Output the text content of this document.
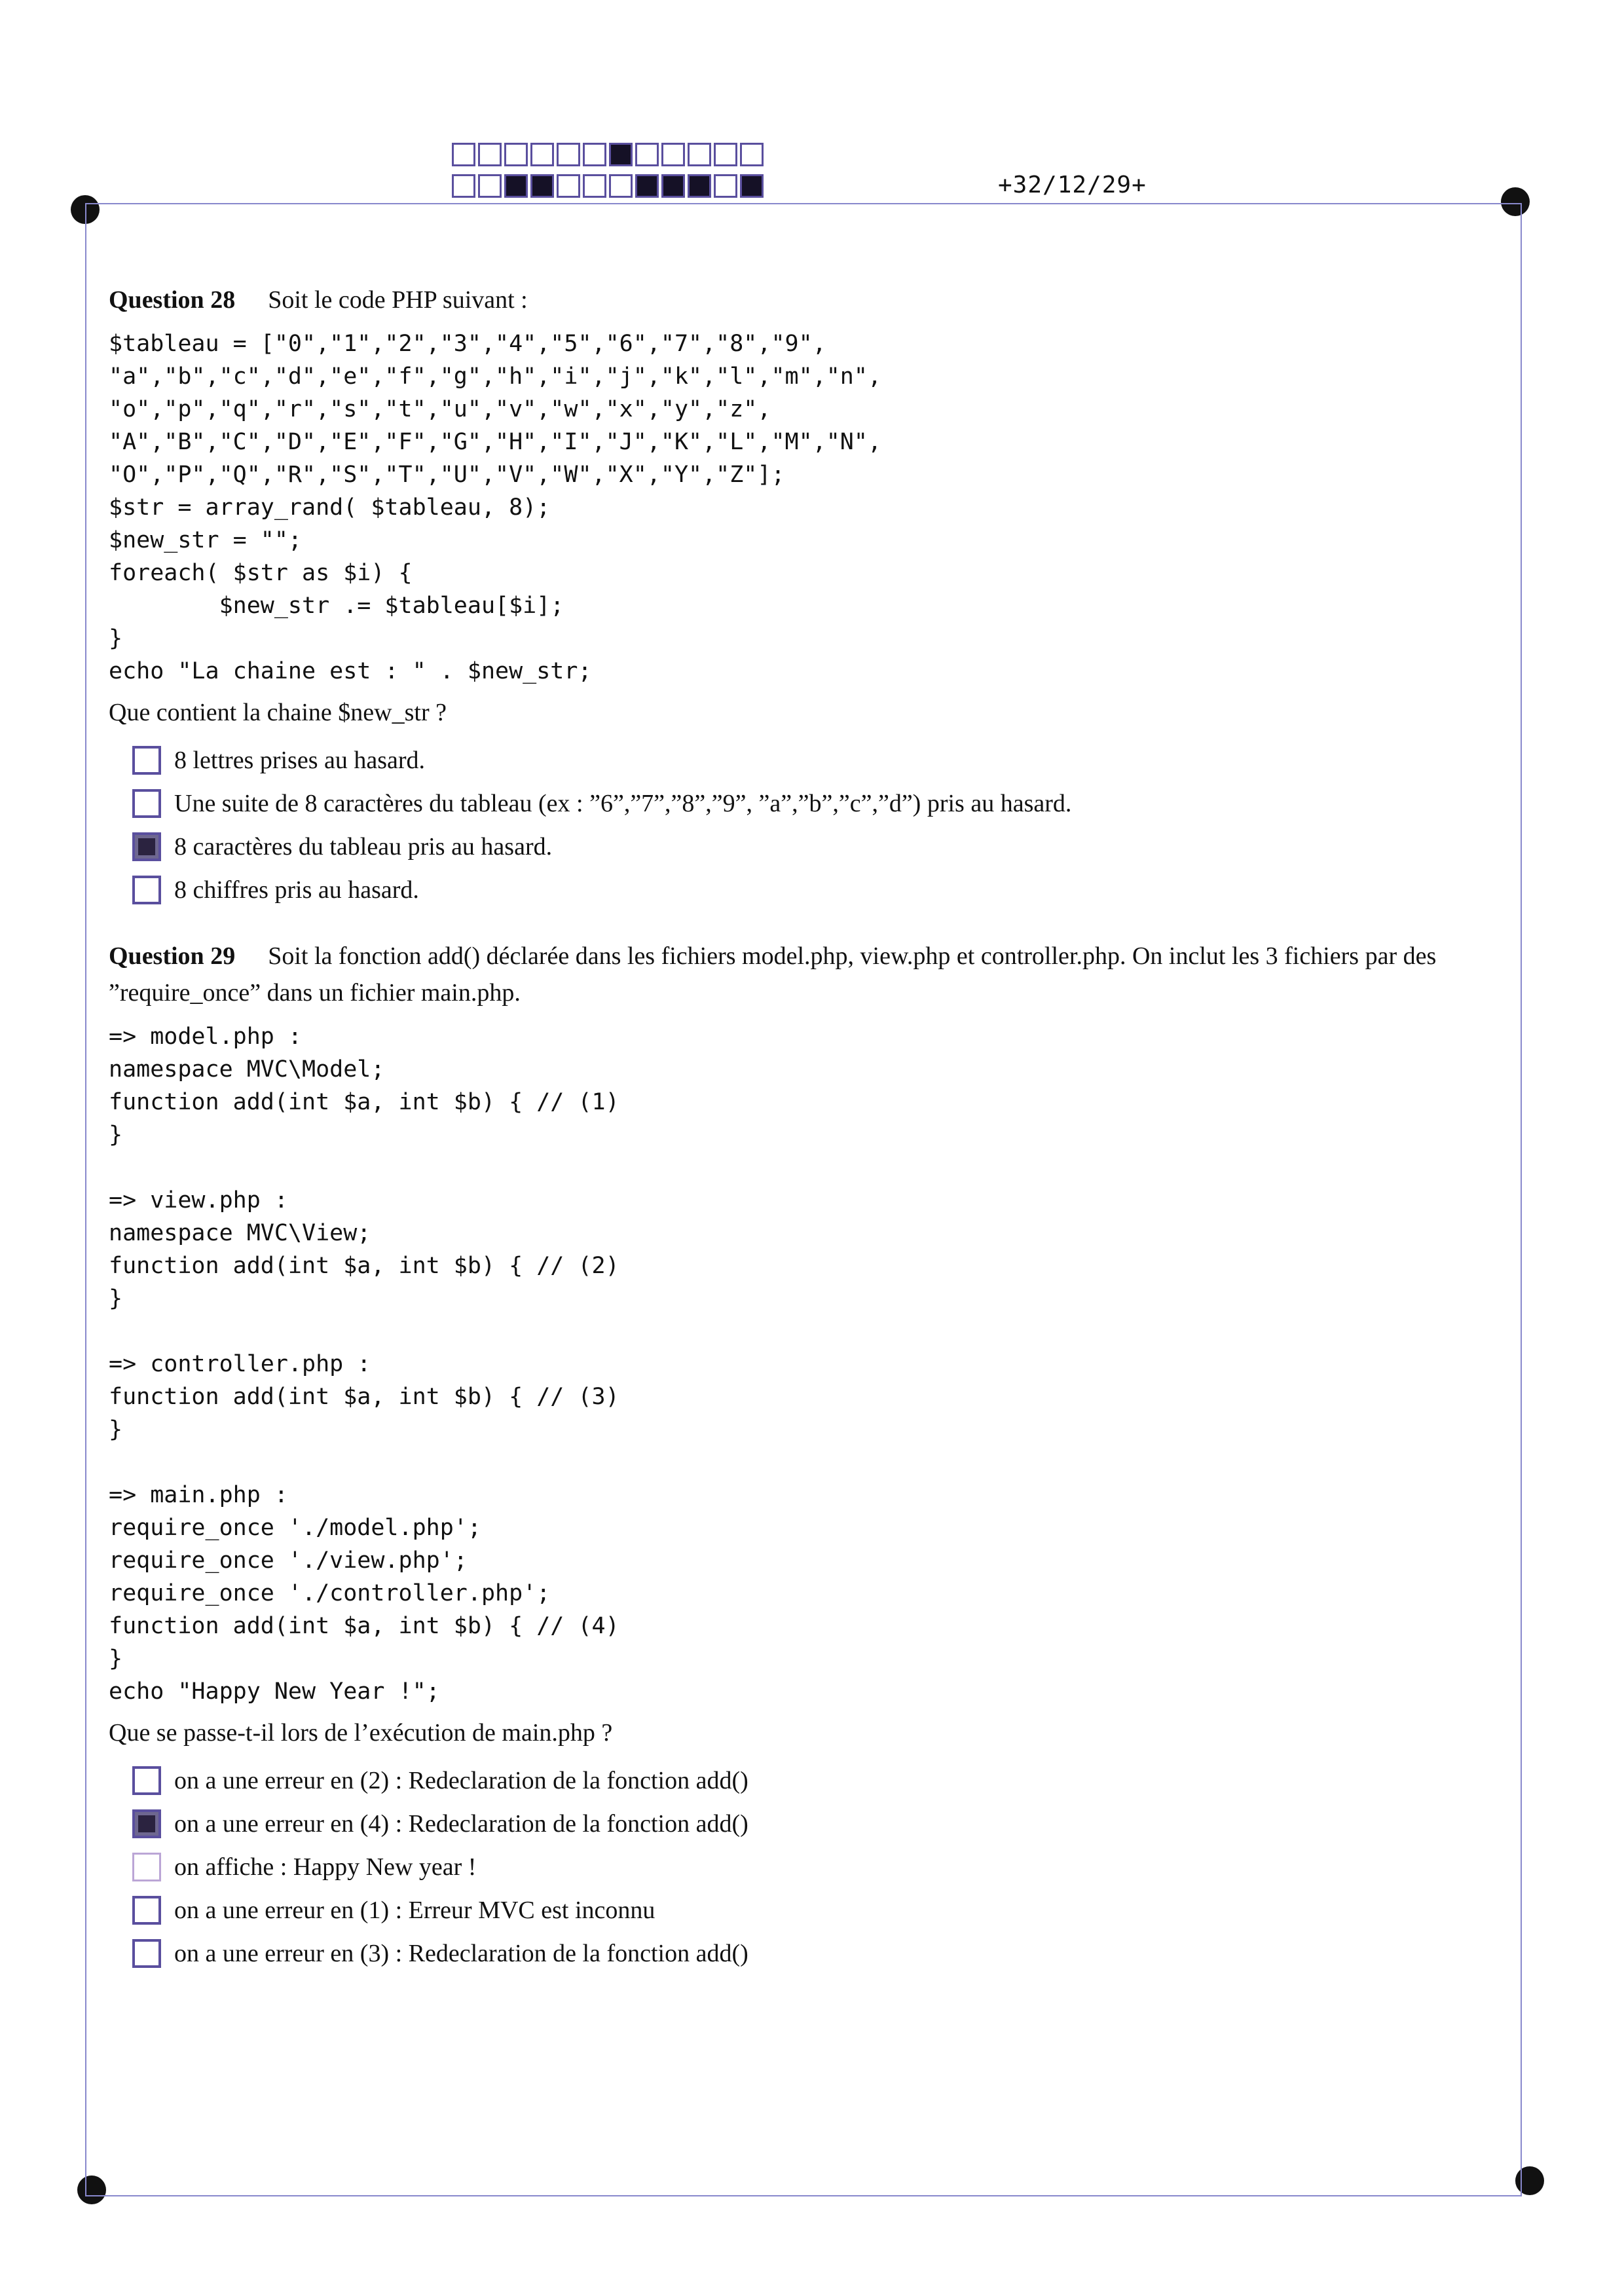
+32/12/29+

Question 28 Soit le code PHP suivant :

$tableau = ["0","1","2","3","4","5","6","7","8","9",
"a","b","c","d","e","f","g","h","i","j","k","l","m","n",
"o","p","q","r","s","t","u","v","w","x","y","z",
"A","B","C","D","E","F","G","H","I","J","K","L","M","N",
"O","P","Q","R","S","T","U","V","W","X","Y","Z"];
$str = array_rand( $tableau, 8);
$new_str = "";
foreach( $str as $i) {
$new_str .= $tableau[$i];
}
echo "La chaine est : " . $new_str;

Que contient la chaine $new_str ?

8 lettres prises au hasard.
Une suite de 8 caractères du tableau (ex : ”6”,”7”,”8”,”9”, ”a”,”b”,”c”,”d”) pris au hasard.
8 caractères du tableau pris au hasard.
8 chiffres pris au hasard.

Question 29 Soit la fonction add() déclarée dans les fichiers model.php, view.php et controller.php. On inclut les 3 fichiers par des ”require_once” dans un fichier main.php.

=> model.php :
namespace MVC\Model;
function add(int $a, int $b) { // (1)
}

=> view.php :
namespace MVC\View;
function add(int $a, int $b) { // (2)
}

=> controller.php :
function add(int $a, int $b) { // (3)
}

=> main.php :
require_once './model.php';
require_once './view.php';
require_once './controller.php';
function add(int $a, int $b) { // (4)
}
echo "Happy New Year !";

Que se passe-t-il lors de l’exécution de main.php ?

on a une erreur en (2) : Redeclaration de la fonction add()
on a une erreur en (4) : Redeclaration de la fonction add()
on affiche : Happy New year !
on a une erreur en (1) : Erreur MVC est inconnu
on a une erreur en (3) : Redeclaration de la fonction add()
